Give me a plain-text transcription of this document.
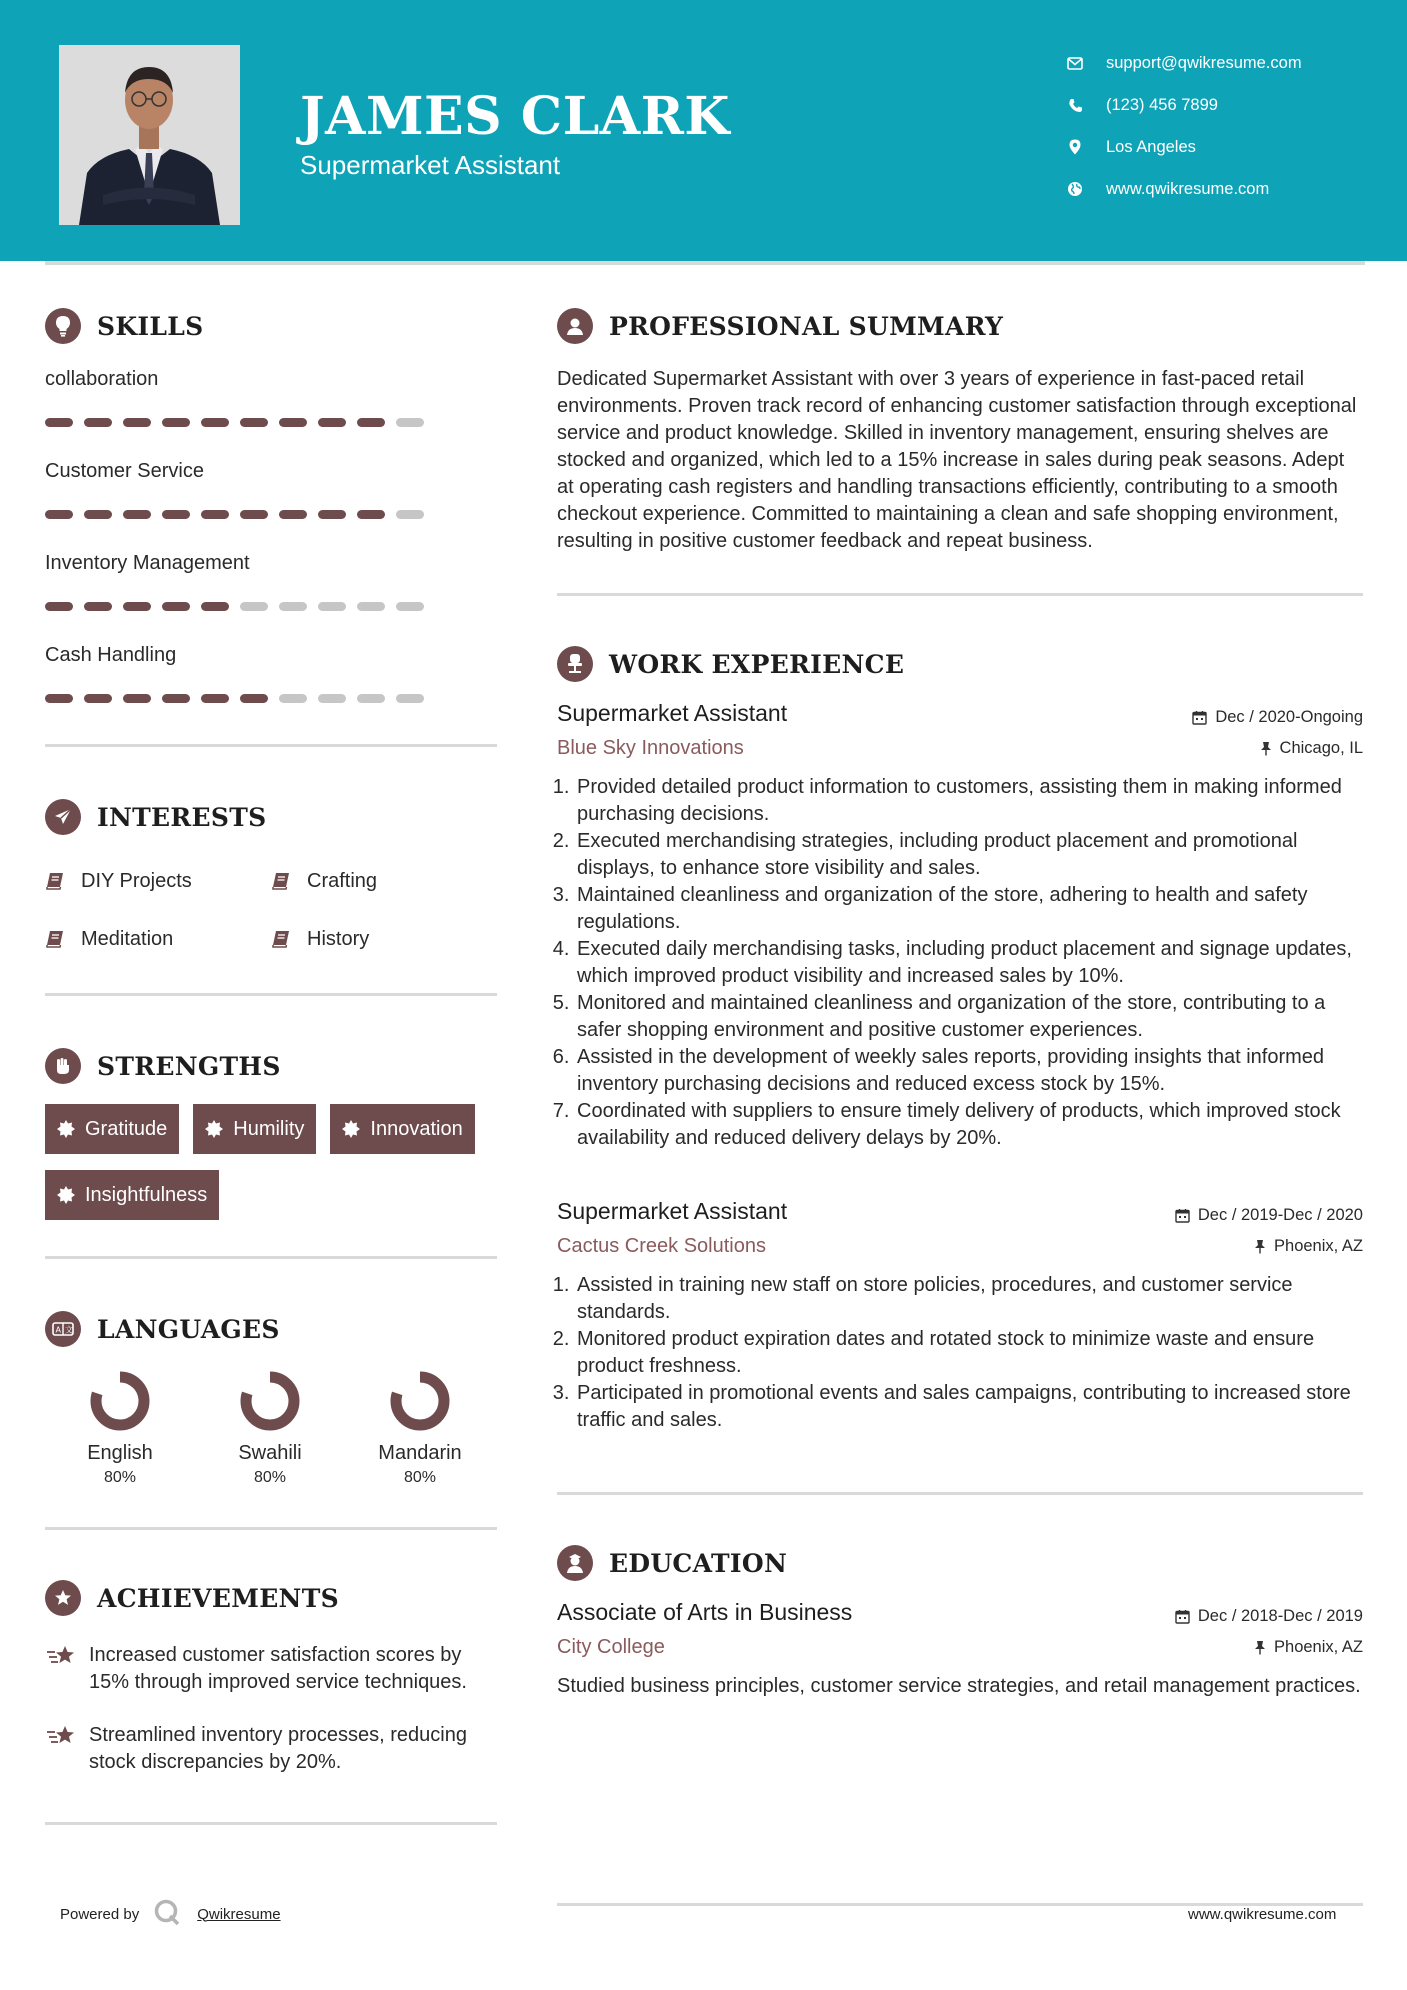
JAMES CLARK
Supermarket Assistant
support@qwikresume.com
(123) 456 7899
Los Angeles
www.qwikresume.com
SKILLS
collaboration
Customer Service
Inventory Management
Cash Handling
INTERESTS
DIY Projects	Crafting
Meditation	History
STRENGTHS
Gratitude	Humility	Innovation
Insightfulness
A 文 LANGUAGES
English
80%
Swahili
80%
Mandarin
80%
ACHIEVEMENTS
Increased customer satisfaction scores by 15% through improved service techniques.
Streamlined inventory processes, reducing stock discrepancies by 20%.
PROFESSIONAL SUMMARY

Dedicated Supermarket Assistant with over 3 years of experience in fast-paced retail environments. Proven track record of enhancing customer satisfaction through exceptional service and product knowledge. Skilled in inventory management, ensuring shelves are stocked and organized, which led to a 15% increase in sales during peak seasons. Adept at operating cash registers and handling transactions efficiently, contributing to a smooth checkout experience. Committed to maintaining a clean and safe shopping environment, resulting in positive customer feedback and repeat business.

WORK EXPERIENCE
Supermarket Assistant	Dec / 2020-Ongoing
Blue Sky Innovations	Chicago, IL
1. Provided detailed product information to customers, assisting them in making informed purchasing decisions.
2. Executed merchandising strategies, including product placement and promotional displays, to enhance store visibility and sales.
3. Maintained cleanliness and organization of the store, adhering to health and safety regulations.
4. Executed daily merchandising tasks, including product placement and signage updates, which improved product visibility and increased sales by 10%.
5. Monitored and maintained cleanliness and organization of the store, contributing to a safer shopping environment and positive customer experiences.
6. Assisted in the development of weekly sales reports, providing insights that informed inventory purchasing decisions and reduced excess stock by 15%.
7. Coordinated with suppliers to ensure timely delivery of products, which improved stock availability and reduced delivery delays by 20%.
Supermarket Assistant	Dec / 2019-Dec / 2020
Cactus Creek Solutions	Phoenix, AZ
1. Assisted in training new staff on store policies, procedures, and customer service standards.
2. Monitored product expiration dates and rotated stock to minimize waste and ensure product freshness.
3. Participated in promotional events and sales campaigns, contributing to increased store traffic and sales.
EDUCATION
Associate of Arts in Business	Dec / 2018-Dec / 2019
City College	Phoenix, AZ

Studied business principles, customer service strategies, and retail management practices.

Powered by	Qwikresume	www.qwikresume.com
